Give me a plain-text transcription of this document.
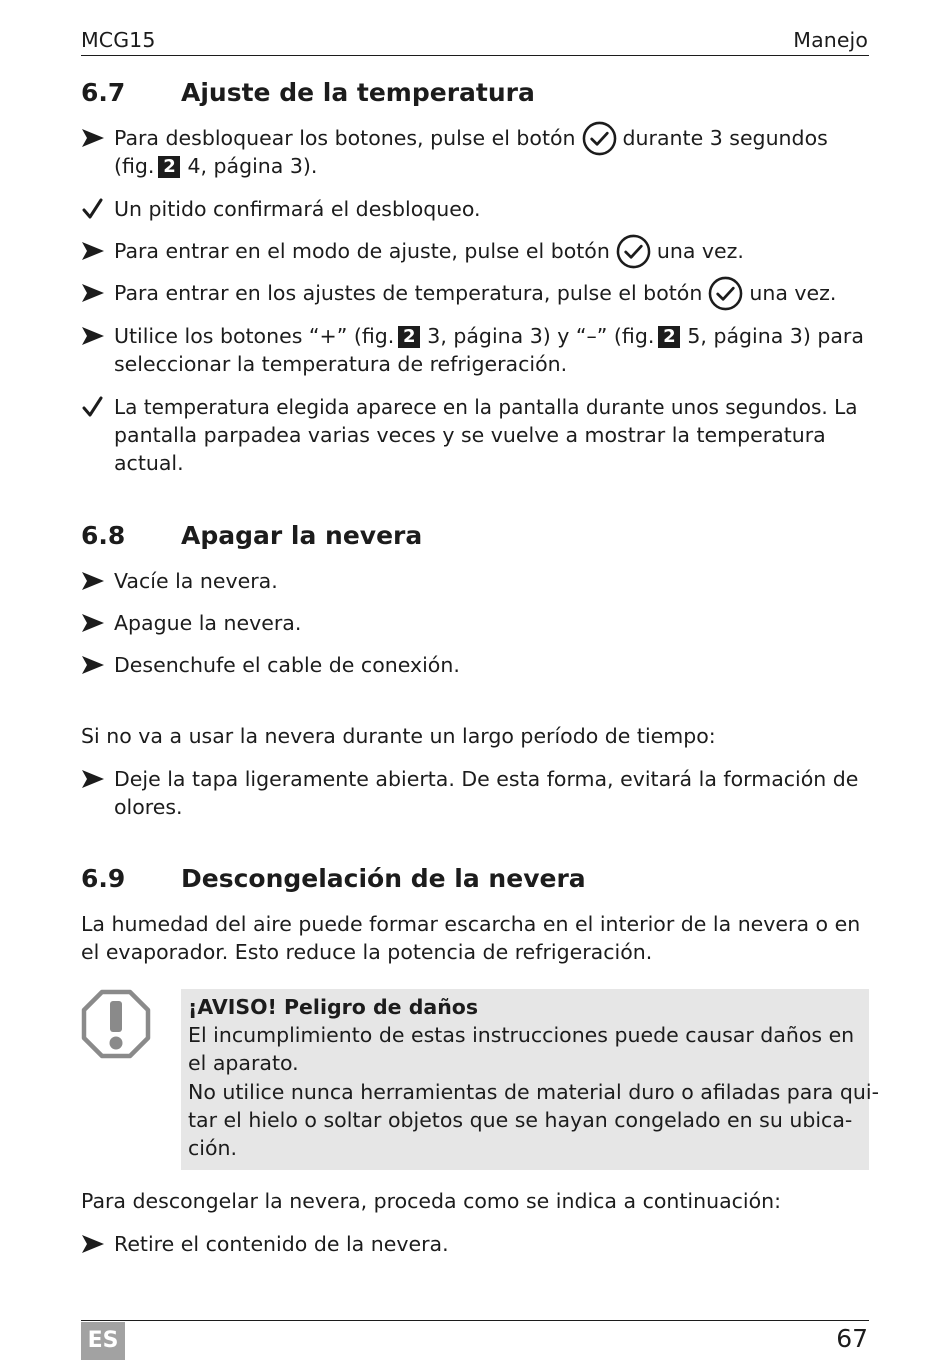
MCG15	Manejo
6.7 Ajuste de la temperatura
Para desbloquear los botones, pulse el botón durante 3 segundos
(fig. 2 4, página 3).
Un pitido confirmará el desbloqueo.
Para entrar en el modo de ajuste, pulse el botón una vez.
Para entrar en los ajustes de temperatura, pulse el botón una vez.
Utilice los botones “+” (fig. 2 3, página 3) y “–” (fig. 2 5, página 3) para
seleccionar la temperatura de refrigeración.
La temperatura elegida aparece en la pantalla durante unos segundos. La
pantalla parpadea varias veces y se vuelve a mostrar la temperatura
actual.
6.8 Apagar la nevera
Vacíe la nevera.
Apague la nevera.
Desenchufe el cable de conexión.
Si no va a usar la nevera durante un largo período de tiempo:
Deje la tapa ligeramente abierta. De esta forma, evitará la formación de
olores.
6.9 Descongelación de la nevera
La humedad del aire puede formar escarcha en el interior de la nevera o en
el evaporador. Esto reduce la potencia de refrigeración.
¡AVISO! Peligro de daños
El incumplimiento de estas instrucciones puede causar daños en
el aparato.
No utilice nunca herramientas de material duro o afiladas para qui-
tar el hielo o soltar objetos que se hayan congelado en su ubica-
ción.
Para descongelar la nevera, proceda como se indica a continuación:
Retire el contenido de la nevera.
ES	67
